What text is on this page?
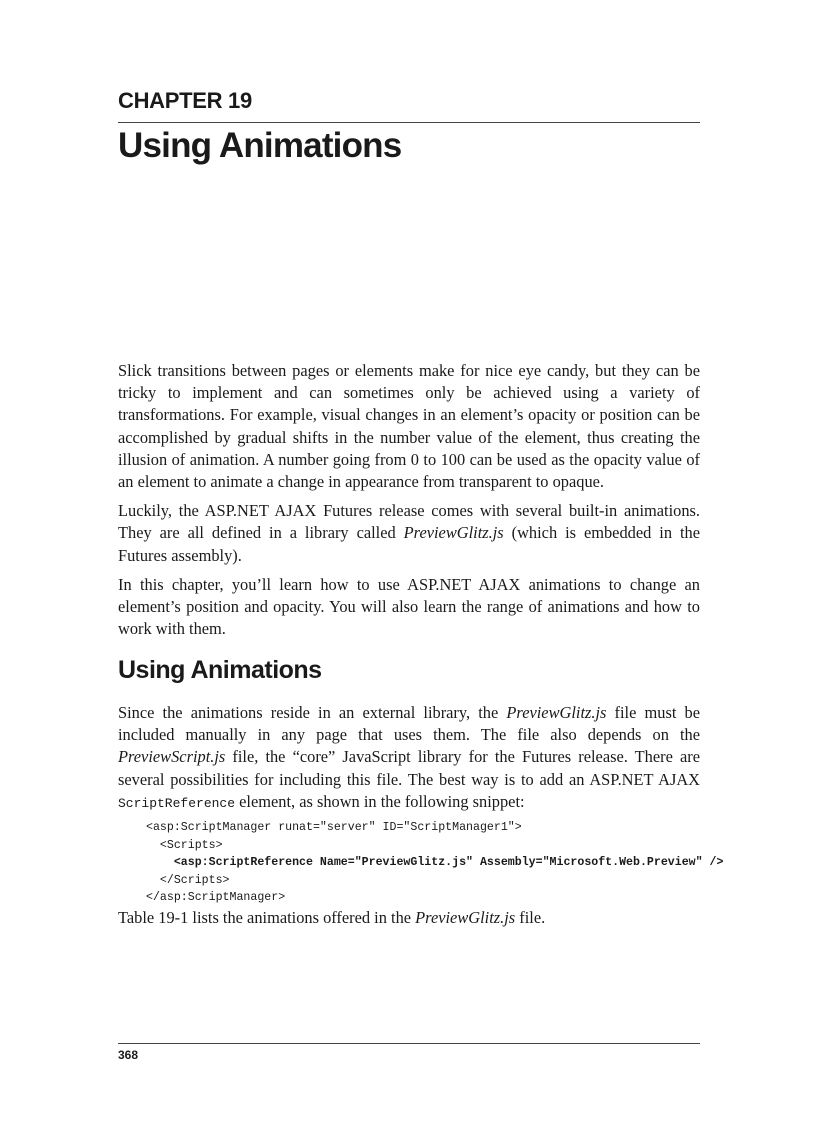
CHAPTER 19
Using Animations

Slick transitions between pages or elements make for nice eye candy, but they can be tricky to implement and can sometimes only be achieved using a variety of transformations. For example, visual changes in an element’s opacity or position can be accomplished by gradual shifts in the number value of the element, thus creating the illusion of animation. A number going from 0 to 100 can be used as the opacity value of an element to animate a change in appearance from transparent to opaque.

Luckily, the ASP.NET AJAX Futures release comes with several built-in animations. They are all defined in a library called PreviewGlitz.js (which is embedded in the Futures assembly).

In this chapter, you’ll learn how to use ASP.NET AJAX animations to change an element’s position and opacity. You will also learn the range of animations and how to work with them.

Using Animations

Since the animations reside in an external library, the PreviewGlitz.js file must be included manually in any page that uses them. The file also depends on the PreviewScript.js file, the “core” JavaScript library for the Futures release. There are several possibilities for including this file. The best way is to add an ASP.NET AJAX ScriptReference element, as shown in the following snippet:

<asp:ScriptManager runat="server" ID="ScriptManager1">
<Scripts>
<asp:ScriptReference Name="PreviewGlitz.js" Assembly="Microsoft.Web.Preview" />
</Scripts>
</asp:ScriptManager>

Table 19-1 lists the animations offered in the PreviewGlitz.js file.

368
